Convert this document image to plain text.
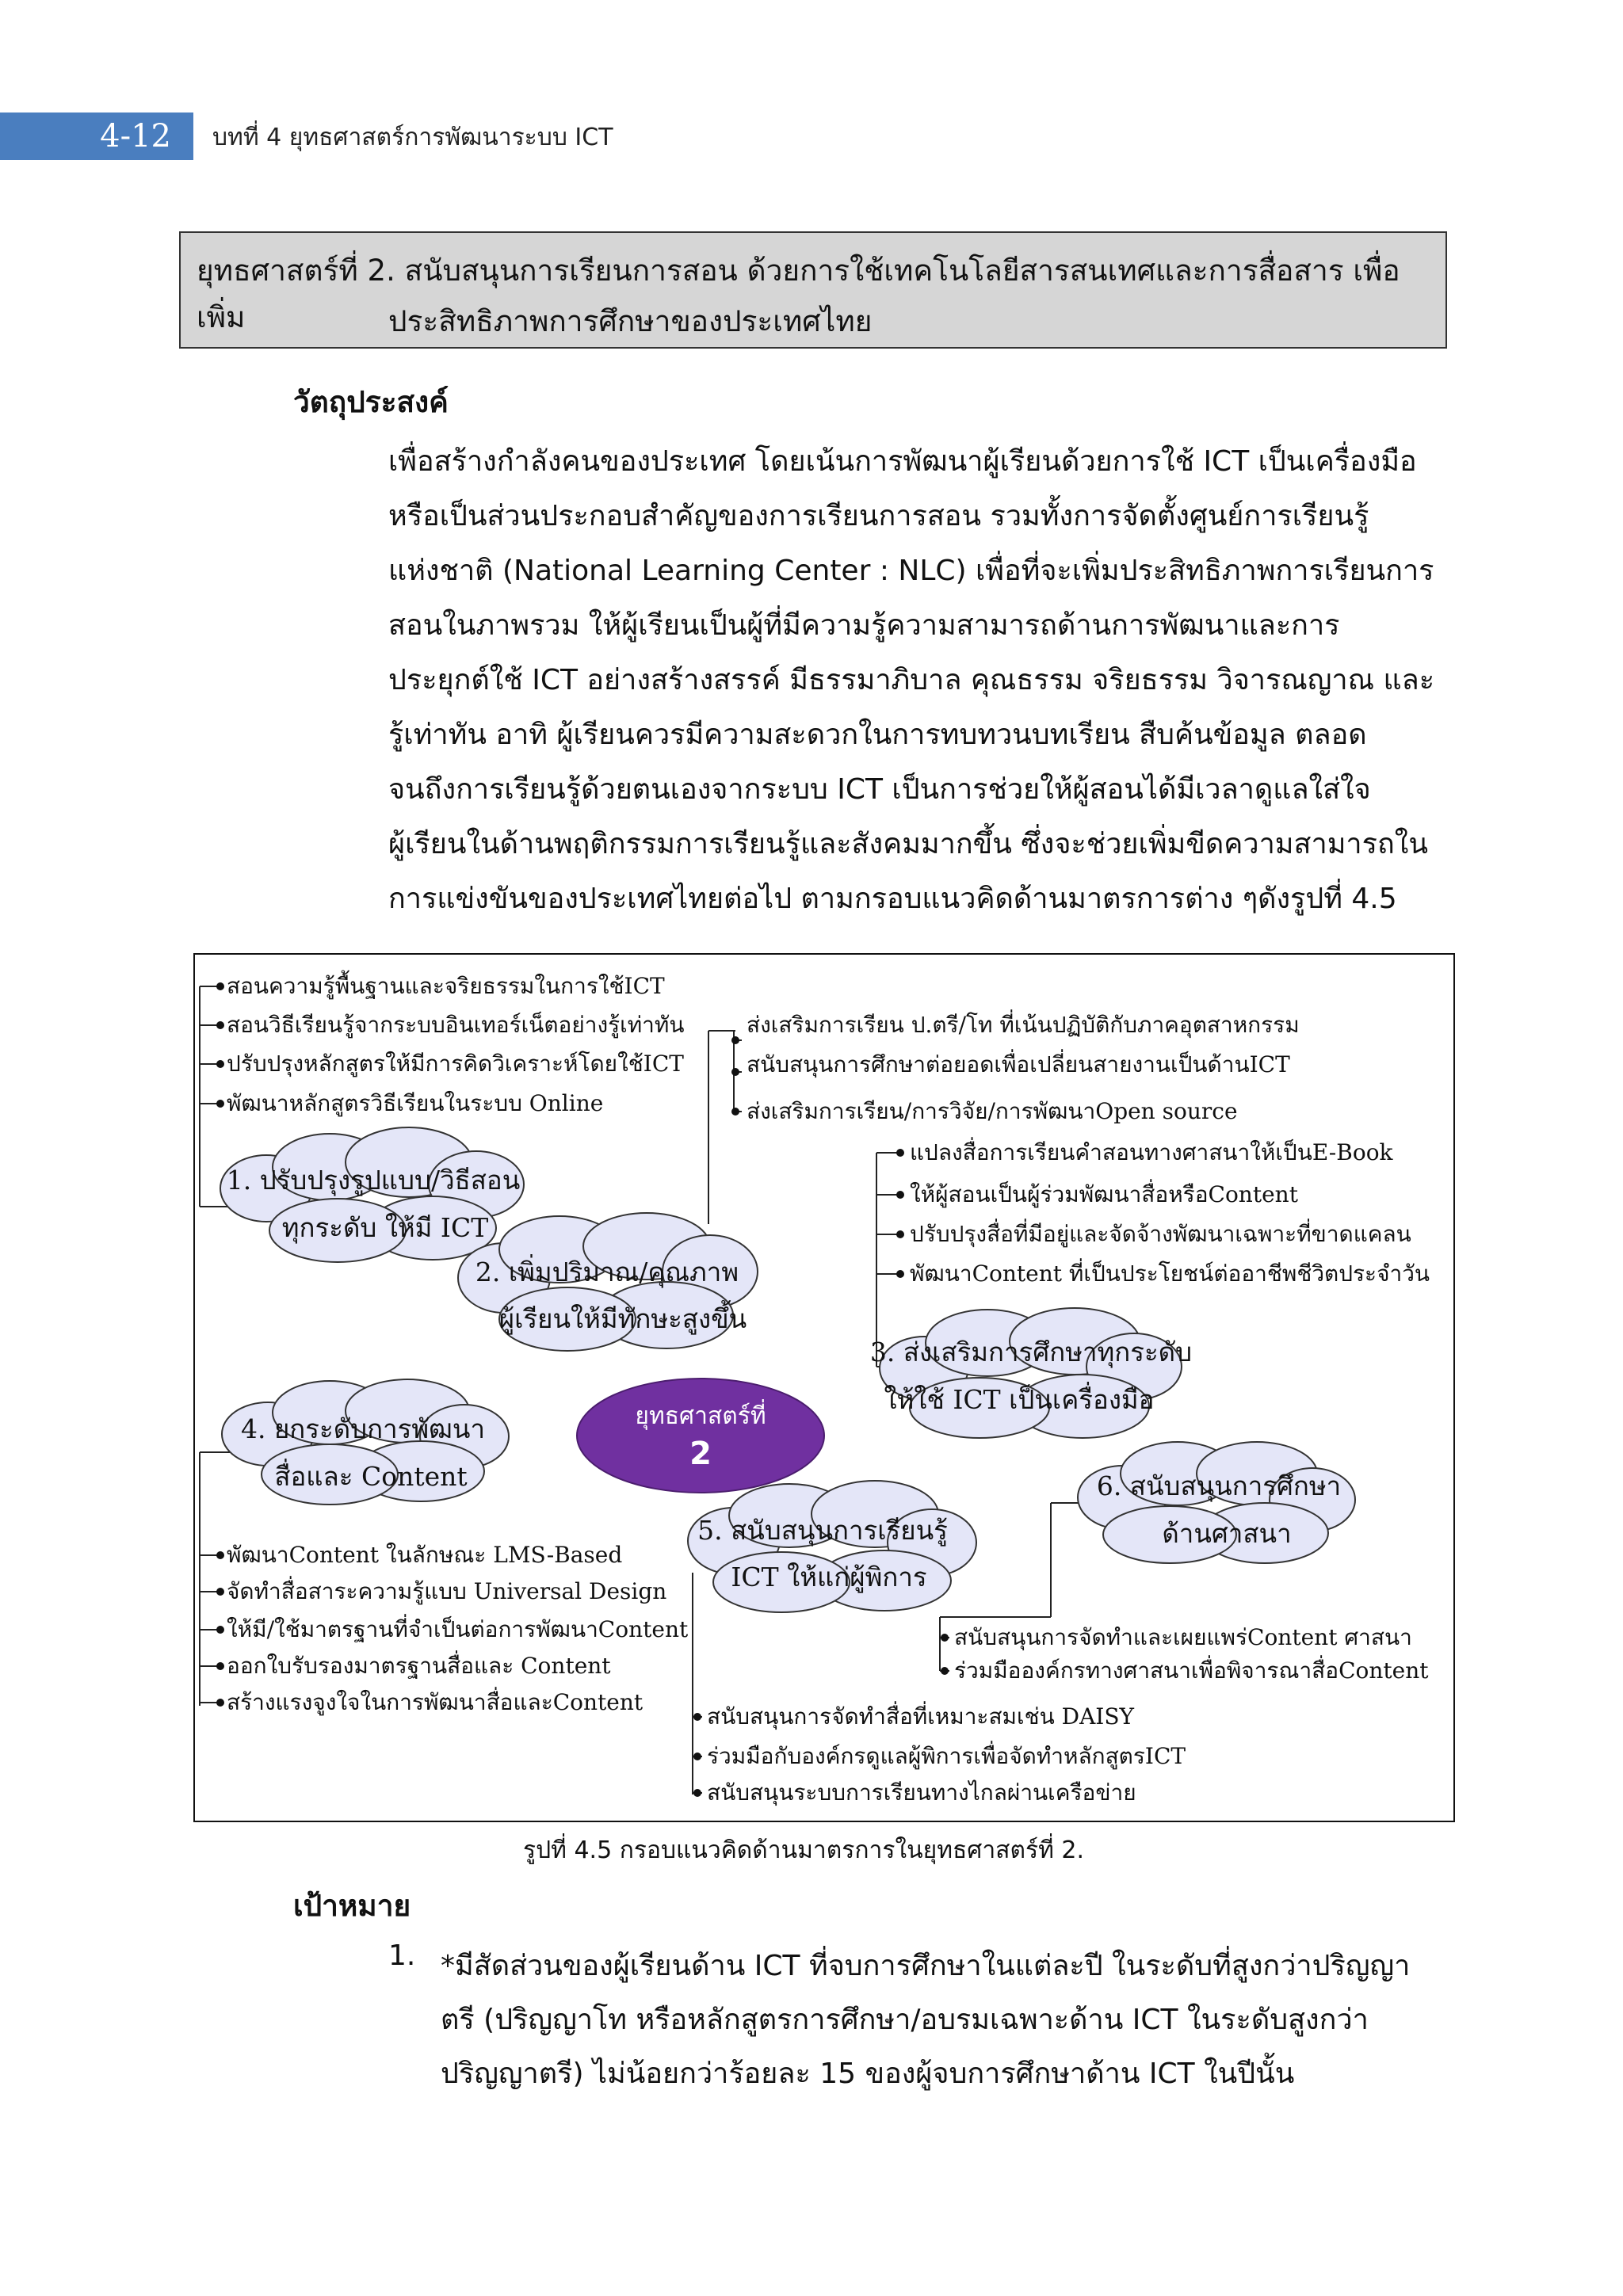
4-12	บทที่ 4 ยุทธศาสตร์การพัฒนาระบบ ICT
ยุทธศาสตร์ที่ 2. สนับสนุนการเรียนการสอน ด้วยการใช้เทคโนโลยีสารสนเทศและการสื่อสาร เพื่อเพิ่ม	ประสิทธิภาพการศึกษาของประเทศไทย
วัตถุประสงค์
เพื่อสร้างกำลังคนของประเทศ โดยเน้นการพัฒนาผู้เรียนด้วยการใช้ ICT เป็นเครื่องมือ
หรือเป็นส่วนประกอบสำคัญของการเรียนการสอน รวมทั้งการจัดตั้งศูนย์การเรียนรู้
แห่งชาติ (National Learning Center : NLC) เพื่อที่จะเพิ่มประสิทธิภาพการเรียนการ
สอนในภาพรวม ให้ผู้เรียนเป็นผู้ที่มีความรู้ความสามารถด้านการพัฒนาและการ
ประยุกต์ใช้ ICT อย่างสร้างสรรค์ มีธรรมาภิบาล คุณธรรม จริยธรรม วิจารณญาณ และ
รู้เท่าทัน อาทิ ผู้เรียนควรมีความสะดวกในการทบทวนบทเรียน สืบค้นข้อมูล ตลอด
จนถึงการเรียนรู้ด้วยตนเองจากระบบ ICT เป็นการช่วยให้ผู้สอนได้มีเวลาดูแลใส่ใจ
ผู้เรียนในด้านพฤติกรรมการเรียนรู้และสังคมมากขึ้น ซึ่งจะช่วยเพิ่มขีดความสามารถใน
การแข่งขันของประเทศไทยต่อไป ตามกรอบแนวคิดด้านมาตรการต่าง ๆดังรูปที่ 4.5
สอนความรู้พื้นฐานและจริยธรรมในการใช้ICT
สอนวิธีเรียนรู้จากระบบอินเทอร์เน็ตอย่างรู้เท่าทัน
ปรับปรุงหลักสูตรให้มีการคิดวิเคราะห์โดยใช้ICT
พัฒนาหลักสูตรวิธีเรียนในระบบ Online
ส่งเสริมการเรียน ป.ตรี/โท ที่เน้นปฏิบัติกับภาคอุตสาหกรรม
สนับสนุนการศึกษาต่อยอดเพื่อเปลี่ยนสายงานเป็นด้านICT
ส่งเสริมการเรียน/การวิจัย/การพัฒนาOpen source
แปลงสื่อการเรียนคำสอนทางศาสนาให้เป็นE-Book
ให้ผู้สอนเป็นผู้ร่วมพัฒนาสื่อหรือContent
ปรับปรุงสื่อที่มีอยู่และจัดจ้างพัฒนาเฉพาะที่ขาดแคลน
พัฒนาContent ที่เป็นประโยชน์ต่ออาชีพชีวิตประจำวัน
พัฒนาContent ในลักษณะ LMS-Based
จัดทำสื่อสาระความรู้แบบ Universal Design
ให้มี/ใช้มาตรฐานที่จำเป็นต่อการพัฒนาContent
ออกใบรับรองมาตรฐานสื่อและ Content
สร้างแรงจูงใจในการพัฒนาสื่อและContent
สนับสนุนการจัดทำสื่อที่เหมาะสมเช่น DAISY
ร่วมมือกับองค์กรดูแลผู้พิการเพื่อจัดทำหลักสูตรICT
สนับสนุนระบบการเรียนทางไกลผ่านเครือข่าย
สนับสนุนการจัดทำและเผยแพร่Content ศาสนา
ร่วมมือองค์กรทางศาสนาเพื่อพิจารณาสื่อContent
1. ปรับปรุงรูปแบบ/วิธีสอน
ทุกระดับ ให้มี ICT
2. เพิ่มปริมาณ/คุณภาพ
ผู้เรียนให้มีทักษะสูงขึ้น
3. ส่งเสริมการศึกษาทุกระดับ
ให้ใช้ ICT เป็นเครื่องมือ
4. ยกระดับการพัฒนา
สื่อและ Content
5. สนับสนุนการเรียนรู้
ICT ให้แก่ผู้พิการ
6. สนับสนุนการศึกษา
ด้านศาสนา
ยุทธศาสตร์ที่
2
รูปที่ 4.5 กรอบแนวคิดด้านมาตรการในยุทธศาสตร์ที่ 2.
เป้าหมาย
1. *มีสัดส่วนของผู้เรียนด้าน ICT ที่จบการศึกษาในแต่ละปี ในระดับที่สูงกว่าปริญญา
ตรี (ปริญญาโท หรือหลักสูตรการศึกษา/อบรมเฉพาะด้าน ICT ในระดับสูงกว่า
ปริญญาตรี) ไม่น้อยกว่าร้อยละ 15 ของผู้จบการศึกษาด้าน ICT ในปีนั้น
